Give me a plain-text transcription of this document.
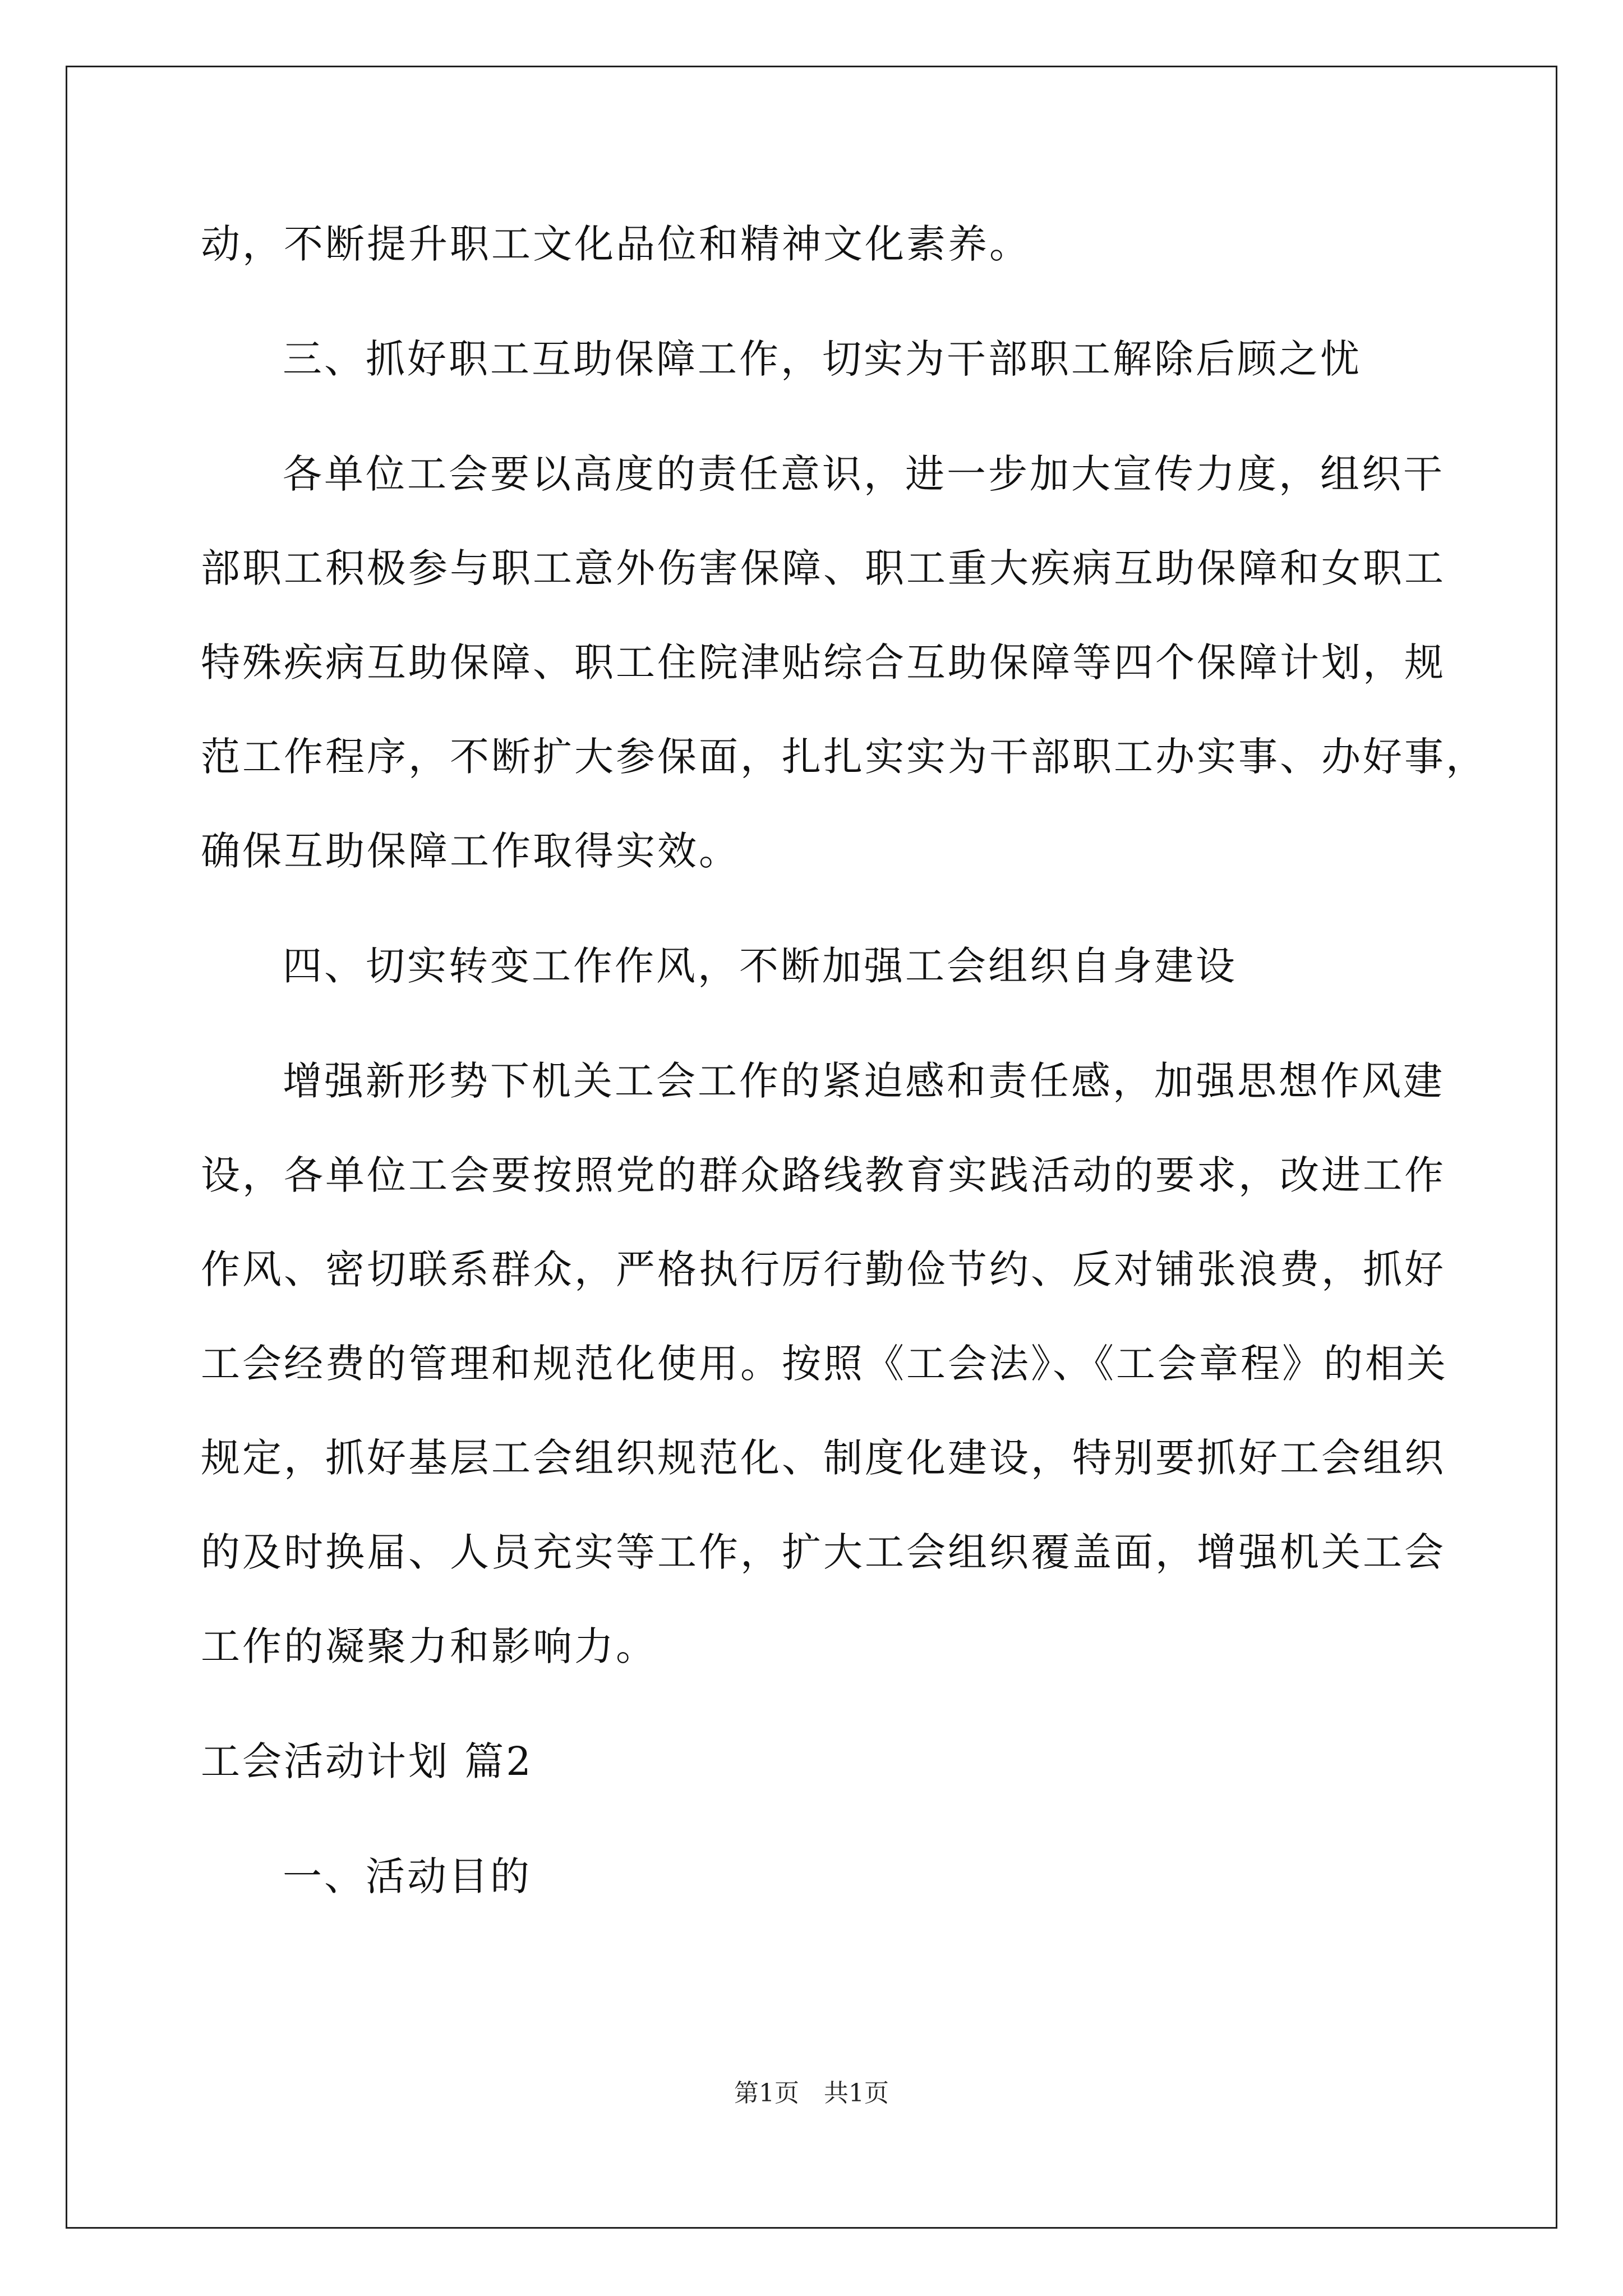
动，不断提升职工文化品位和精神文化素养。
三、抓好职工互助保障工作，切实为干部职工解除后顾之忧
各单位工会要以高度的责任意识，进一步加大宣传力度，组织干
部职工积极参与职工意外伤害保障、职工重大疾病互助保障和女职工
特殊疾病互助保障、职工住院津贴综合互助保障等四个保障计划，规
范工作程序，不断扩大参保面，扎扎实实为干部职工办实事、办好事，
确保互助保障工作取得实效。
四、切实转变工作作风，不断加强工会组织自身建设
增强新形势下机关工会工作的紧迫感和责任感，加强思想作风建
设，各单位工会要按照党的群众路线教育实践活动的要求，改进工作
作风、密切联系群众，严格执行厉行勤俭节约、反对铺张浪费，抓好
工会经费的管理和规范化使用。按照《工会法》、《工会章程》的相关
规定，抓好基层工会组织规范化、制度化建设，特别要抓好工会组织
的及时换届、人员充实等工作，扩大工会组织覆盖面，增强机关工会
工作的凝聚力和影响力。
工会活动计划 篇2
一、活动目的
第1页　共1页
